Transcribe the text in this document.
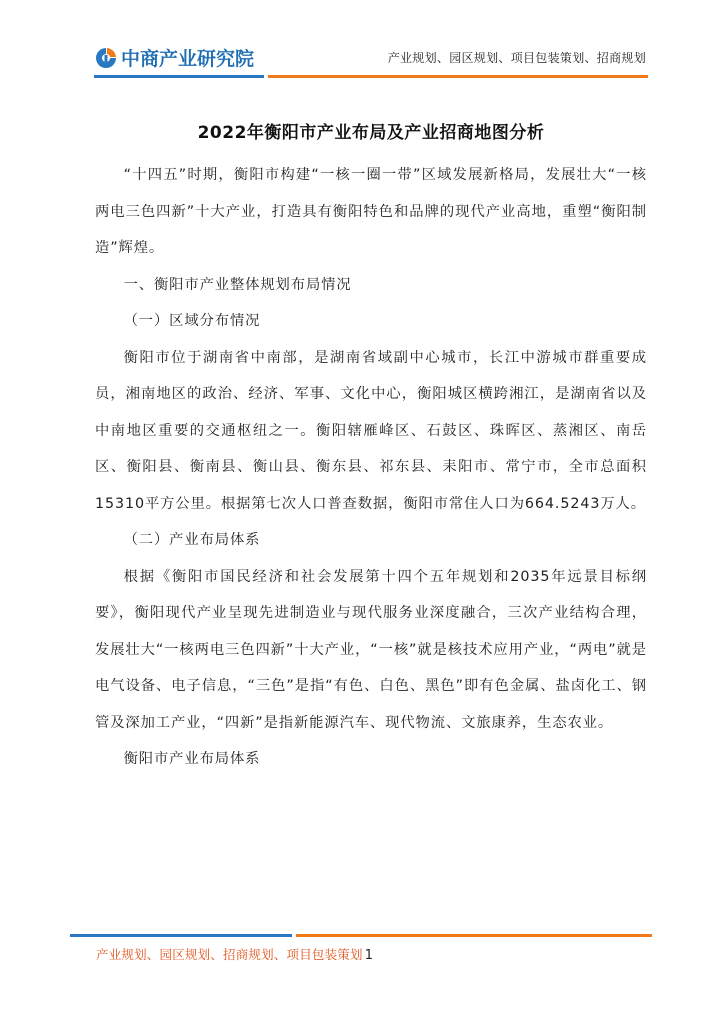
中商产业研究院	产业规划、园区规划、项目包装策划、招商规划
2022年衡阳市产业布局及产业招商地图分析

“十四五”时期，衡阳市构建“一核一圈一带”区域发展新格局，发展壮大“一核两电三色四新”十大产业，打造具有衡阳特色和品牌的现代产业高地，重塑“衡阳制造”辉煌。

一、衡阳市产业整体规划布局情况

（一）区域分布情况

衡阳市位于湖南省中南部，是湖南省域副中心城市，长江中游城市群重要成员，湘南地区的政治、经济、军事、文化中心，衡阳城区横跨湘江，是湖南省以及中南地区重要的交通枢纽之一。衡阳辖雁峰区、石鼓区、珠晖区、蒸湘区、南岳区、衡阳县、衡南县、衡山县、衡东县、祁东县、耒阳市、常宁市，全市总面积15310平方公里。根据第七次人口普查数据，衡阳市常住人口为664.5243万人。

（二）产业布局体系

根据《衡阳市国民经济和社会发展第十四个五年规划和2035年远景目标纲要》，衡阳现代产业呈现先进制造业与现代服务业深度融合，三次产业结构合理，发展壮大“一核两电三色四新”十大产业，“一核”就是核技术应用产业，“两电”就是电气设备、电子信息，“三色”是指“有色、白色、黑色”即有色金属、盐卤化工、钢管及深加工产业，“四新”是指新能源汽车、现代物流、文旅康养，生态农业。

衡阳市产业布局体系

产业规划、园区规划、招商规划、项目包装策划 1
